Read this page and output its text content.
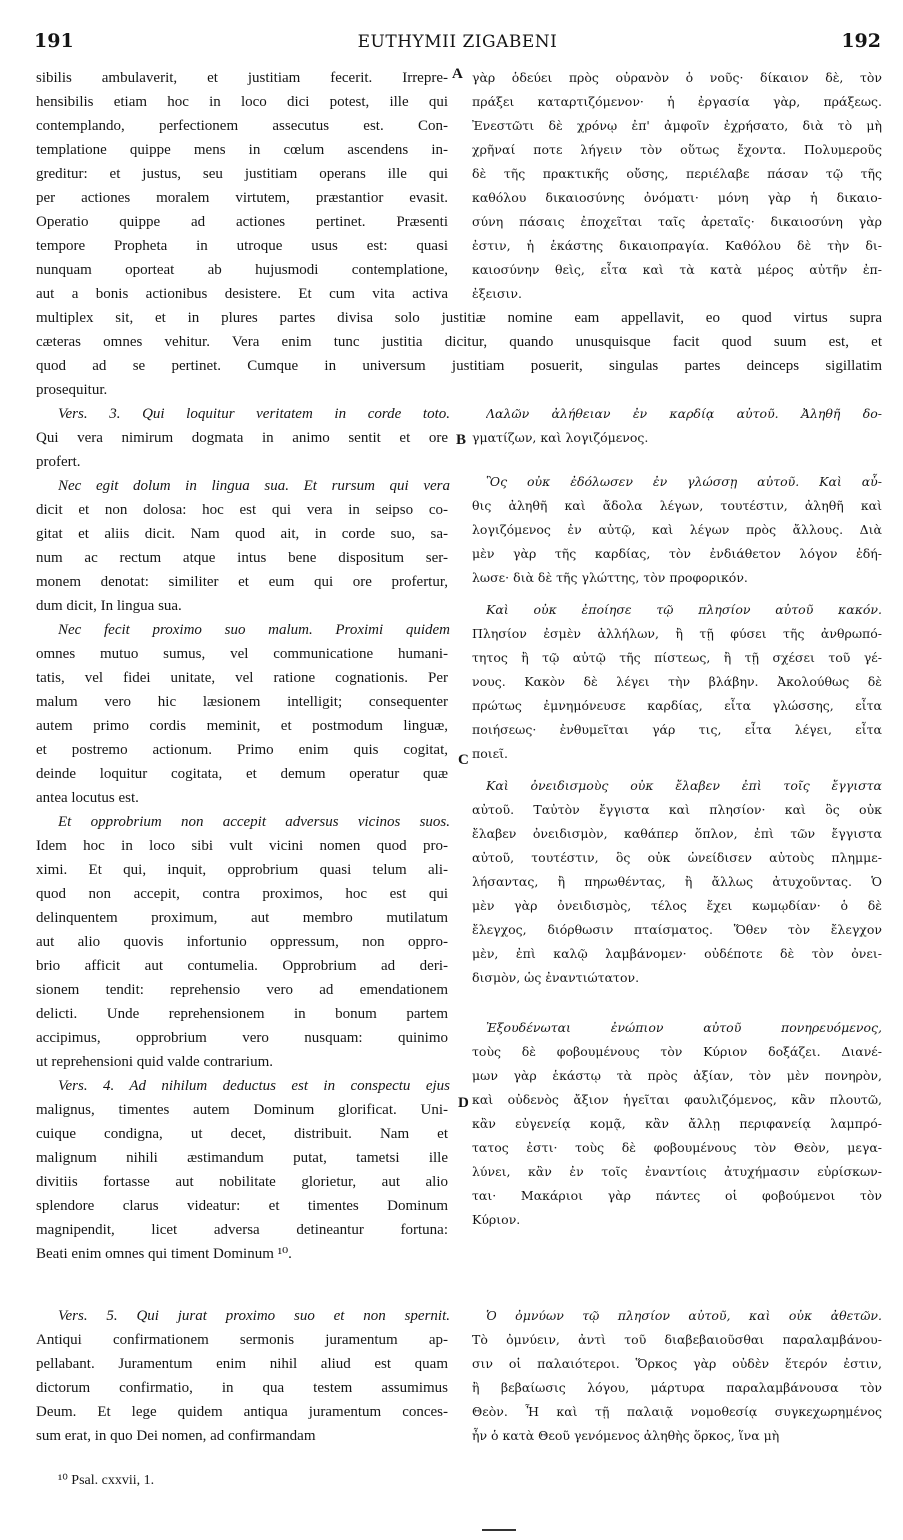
191	EUTHYMII ZIGABENI	192
sibilis ambulaverit, et justitiam fecerit. Irrepre-
hensibilis etiam hoc in loco dici potest, ille qui
contemplando, perfectionem assecutus est. Con-
templatione quippe mens in cœlum ascendens in-
greditur: et justus, seu justitiam operans ille qui
per actiones moralem virtutem, præstantior evasit.
Operatio quippe ad actiones pertinet. Præsenti
tempore Propheta in utroque usus est: quasi
nunquam oporteat ab hujusmodi contemplatione,
aut a bonis actionibus desistere. Et cum vita activa
γὰρ ὁδεύει πρὸς οὐρανὸν ὁ νοῦς· δίκαιον δὲ, τὸν
πράξει καταρτιζόμενον· ἡ ἐργασία γὰρ, πράξεως.
Ἐνεστῶτι δὲ χρόνῳ ἐπ' ἀμφοῖν ἐχρήσατο, διὰ τὸ μὴ
χρῆναί ποτε λήγειν τὸν οὕτως ἔχοντα. Πολυμεροῦς
δὲ τῆς πρακτικῆς οὔσης, περιέλαβε πάσαν τῷ τῆς
καθόλου δικαιοσύνης ὀνόματι· μόνη γὰρ ἡ δικαιο-
σύνη πάσαις ἐποχεῖται ταῖς ἀρεταῖς· δικαιοσύνη γὰρ
ἐστιν, ἡ ἑκάστης δικαιοπραγία. Καθόλου δὲ τὴν δι-
καιοσύνην θεὶς, εἶτα καὶ τὰ κατὰ μέρος αὐτῆν ἐπ-
ἐξεισιν.
multiplex sit, et in plures partes divisa solo justitiæ nomine eam appellavit, eo quod virtus supra
cæteras omnes vehitur. Vera enim tunc justitia dicitur, quando unusquisque facit quod suum est, et
quod ad se pertinet. Cumque in universum justitiam posuerit, singulas partes deinceps sigillatim
prosequitur.
Vers. 3. Qui loquitur veritatem in corde toto.
Qui vera nimirum dogmata in animo sentit et ore
profert.
Nec egit dolum in lingua sua. Et rursum qui vera
dicit et non dolosa: hoc est qui vera in seipso co-
gitat et aliis dicit. Nam quod ait, in corde suo, sa-
num ac rectum atque intus bene dispositum ser-
monem denotat: similiter et eum qui ore profertur,
dum dicit, In lingua sua.
Nec fecit proximo suo malum. Proximi quidem
omnes mutuo sumus, vel communicatione humani-
tatis, vel fidei unitate, vel ratione cognationis. Per
malum vero hic læsionem intelligit; consequenter
autem primo cordis meminit, et postmodum linguæ,
et postremo actionum. Primo enim quis cogitat,
deinde loquitur cogitata, et demum operatur quæ
antea locutus est.
Et opprobrium non accepit adversus vicinos suos.
Idem hoc in loco sibi vult vicini nomen quod pro-
ximi. Et qui, inquit, opprobrium quasi telum ali-
quod non accepit, contra proximos, hoc est qui
delinquentem proximum, aut membro mutilatum
aut alio quovis infortunio oppressum, non oppro-
brio afficit aut contumelia. Opprobrium ad deri-
sionem tendit: reprehensio vero ad emendationem
delicti. Unde reprehensionem in bonum partem
accipimus, opprobrium vero nusquam: quinimo
ut reprehensioni quid valde contrarium.
Vers. 4. Ad nihilum deductus est in conspectu ejus
malignus, timentes autem Dominum glorificat. Uni-
cuique condigna, ut decet, distribuit. Nam et
malignum nihili æstimandum putat, tametsi ille
divitiis fortasse aut nobilitate glorietur, aut alio
splendore clarus videatur: et timentes Dominum
magnipendit, licet adversa detineantur fortuna:
Beati enim omnes qui timent Dominum ¹⁰.
Vers. 5. Qui jurat proximo suo et non spernit.
Antiqui confirmationem sermonis juramentum ap-
pellabant. Juramentum enim nihil aliud est quam
dictorum confirmatio, in qua testem assumimus
Deum. Et lege quidem antiqua juramentum conces-
sum erat, in quo Dei nomen, ad confirmandam
Λαλῶν ἀλήθειαν ἐν καρδίᾳ αὐτοῦ. Ἀληθῆ δο-
γματίζων, καὶ λογιζόμενος.
Ὃς οὐκ ἐδόλωσεν ἐν γλώσσῃ αὐτοῦ. Καὶ αὖ-
θις ἀληθῆ καὶ ἄδολα λέγων, τουτέστιν, ἀληθῆ καὶ
λογιζόμενος ἐν αὐτῷ, καὶ λέγων πρὸς ἄλλους. Διὰ
μὲν γὰρ τῆς καρδίας, τὸν ἐνδιάθετον λόγον ἐδή-
λωσε· διὰ δὲ τῆς γλώττης, τὸν προφορικόν.
Καὶ οὐκ ἐποίησε τῷ πλησίον αὐτοῦ κακόν.
Πλησίον ἐσμὲν ἀλλήλων, ἢ τῇ φύσει τῆς ἀνθρωπό-
τητος ἢ τῷ αὐτῷ τῆς πίστεως, ἢ τῇ σχέσει τοῦ γέ-
νους. Κακὸν δὲ λέγει τὴν βλάβην. Ἀκολούθως δὲ
πρώτως ἐμνημόνευσε καρδίας, εἶτα γλώσσης, εἶτα
ποιήσεως· ἐνθυμεῖται γάρ τις, εἶτα λέγει, εἶτα
ποιεῖ.
Καὶ ὀνειδισμοὺς οὐκ ἔλαβεν ἐπὶ τοῖς ἔγγιστα
αὐτοῦ. Ταὐτὸν ἔγγιστα καὶ πλησίον· καὶ ὃς οὐκ
ἔλαβεν ὀνειδισμὸν, καθάπερ ὅπλον, ἐπὶ τῶν ἔγγιστα
αὐτοῦ, τουτέστιν, ὃς οὐκ ὠνείδισεν αὐτοὺς πλημμε-
λήσαντας, ἢ πηρωθέντας, ἢ ἄλλως ἀτυχοῦντας. Ὁ
μὲν γὰρ ὀνειδισμὸς, τέλος ἔχει κωμῳδίαν· ὁ δὲ
ἔλεγχος, διόρθωσιν πταίσματος. Ὅθεν τὸν ἔλεγχον
μὲν, ἐπὶ καλῷ λαμβάνομεν· οὐδέποτε δὲ τὸν ὀνει-
δισμὸν, ὡς ἐναντιώτατον.
Ἐξουδένωται ἐνώπιον αὐτοῦ πονηρευόμενος,
τοὺς δὲ φοβουμένους τὸν Κύριον δοξάζει. Διανέ-
μων γὰρ ἑκάστῳ τὰ πρὸς ἀξίαν, τὸν μὲν πονηρὸν,
καὶ οὐδενὸς ἄξιον ἡγεῖται φαυλιζόμενος, κἂν πλουτῶ,
κἂν εὐγενείᾳ κομᾷ, κἂν ἄλλῃ περιφανείᾳ λαμπρό-
τατος ἐστι· τοὺς δὲ φοβουμένους τὸν Θεὸν, μεγα-
λύνει, κἂν ἐν τοῖς ἐναντίοις ἀτυχήμασιν εὑρίσκων-
ται· Μακάριοι γὰρ πάντες οἱ φοβούμενοι τὸν
Κύριον.
Ὁ ὀμνύων τῷ πλησίον αὐτοῦ, καὶ οὐκ ἀθετῶν.
Τὸ ὀμνύειν, ἀντὶ τοῦ διαβεβαιοῦσθαι παραλαμβάνου-
σιν οἱ παλαιότεροι. Ὅρκος γὰρ οὐδὲν ἕτερόν ἐστιν,
ἢ βεβαίωσις λόγου, μάρτυρα παραλαμβάνουσα τὸν
Θεὸν. Ἦ καὶ τῇ παλαιᾷ νομοθεσίᾳ συγκεχωρημένος
ἦν ὁ κατὰ Θεοῦ γενόμενος ἀληθὴς ὅρκος, ἵνα μὴ
A
B
C
D
¹⁰ Psal. cxxvii, 1.
